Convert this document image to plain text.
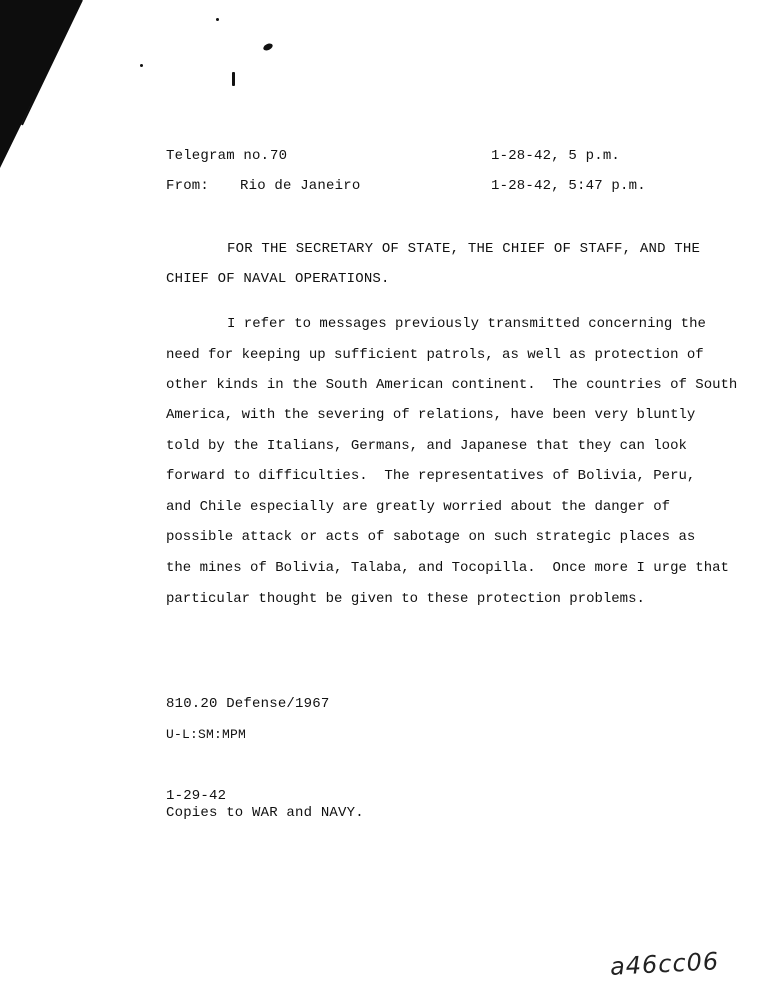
Telegram no. 70	1-28-42, 5 p.m.
From: Rio de Janeiro	1-28-42, 5:47 p.m.
FOR THE SECRETARY OF STATE, THE CHIEF OF STAFF, AND THE
CHIEF OF NAVAL OPERATIONS.
I refer to messages previously transmitted concerning the
need for keeping up sufficient patrols, as well as protection of
other kinds in the South American continent.  The countries of South
America, with the severing of relations, have been very bluntly
told by the Italians, Germans, and Japanese that they can look
forward to difficulties.  The representatives of Bolivia, Peru,
and Chile especially are greatly worried about the danger of
possible attack or acts of sabotage on such strategic places as
the mines of Bolivia, Talaba, and Tocopilla.  Once more I urge that
particular thought be given to these protection problems.
810.20 Defense/1967
U-L:SM:MPM
1-29-42
Copies to WAR and NAVY.
a46cc06
